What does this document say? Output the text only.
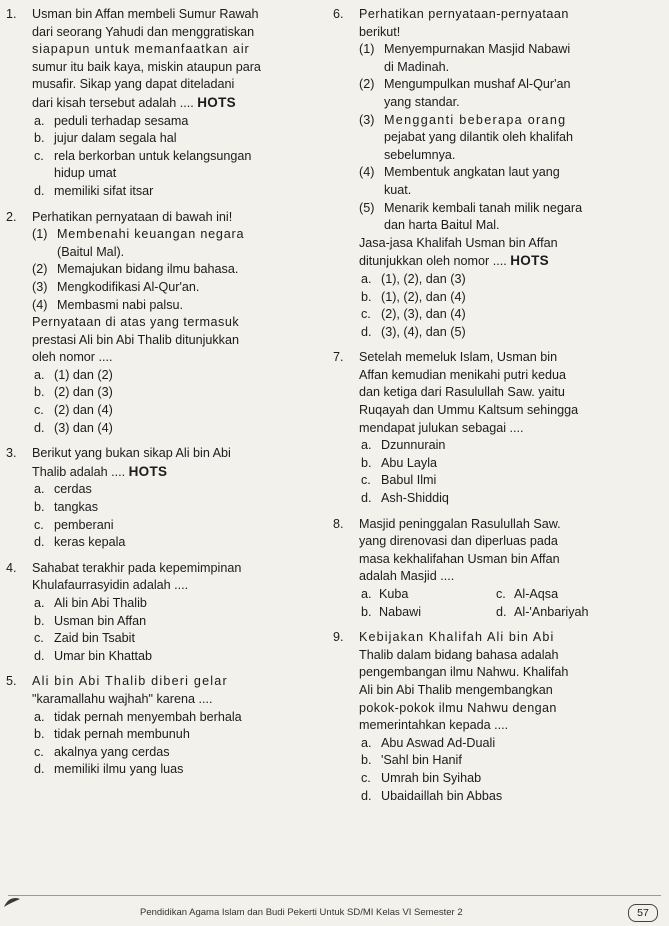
1. Usman bin Affan membeli Sumur Rawah
dari seorang Yahudi dan menggratiskan
siapapun untuk memanfaatkan air
sumur itu baik kaya, miskin ataupun para
musafir. Sikap yang dapat diteladani
dari kisah tersebut adalah .... HOTS
a. peduli terhadap sesama
b. jujur dalam segala hal
c. rela berkorban untuk kelangsungan
hidup umat
d. memiliki sifat itsar
2. Perhatikan pernyataan di bawah ini!
(1) Membenahi keuangan negara
(Baitul Mal).
(2) Memajukan bidang ilmu bahasa.
(3) Mengkodifikasi Al-Qur'an.
(4) Membasmi nabi palsu.
Pernyataan di atas yang termasuk
prestasi Ali bin Abi Thalib ditunjukkan
oleh nomor ....
a. (1) dan (2)
b. (2) dan (3)
c. (2) dan (4)
d. (3) dan (4)
3. Berikut yang bukan sikap Ali bin Abi
Thalib adalah .... HOTS
a. cerdas
b. tangkas
c. pemberani
d. keras kepala
4. Sahabat terakhir pada kepemimpinan
Khulafaurrasyidin adalah ....
a. Ali bin Abi Thalib
b. Usman bin Affan
c. Zaid bin Tsabit
d. Umar bin Khattab
5. Ali bin Abi Thalib diberi gelar
"karamallahu wajhah" karena ....
a. tidak pernah menyembah berhala
b. tidak pernah membunuh
c. akalnya yang cerdas
d. memiliki ilmu yang luas
6. Perhatikan pernyataan-pernyataan
berikut!
(1) Menyempurnakan Masjid Nabawi
di Madinah.
(2) Mengumpulkan mushaf Al-Qur'an
yang standar.
(3) Mengganti beberapa orang
pejabat yang dilantik oleh khalifah
sebelumnya.
(4) Membentuk angkatan laut yang
kuat.
(5) Menarik kembali tanah milik negara
dan harta Baitul Mal.
Jasa-jasa Khalifah Usman bin Affan
ditunjukkan oleh nomor .... HOTS
a. (1), (2), dan (3)
b. (1), (2), dan (4)
c. (2), (3), dan (4)
d. (3), (4), dan (5)
7. Setelah memeluk Islam, Usman bin
Affan kemudian menikahi putri kedua
dan ketiga dari Rasulullah Saw. yaitu
Ruqayah dan Ummu Kaltsum sehingga
mendapat julukan sebagai ....
a. Dzunnurain
b. Abu Layla
c. Babul Ilmi
d. Ash-Shiddiq
8. Masjid peninggalan Rasulullah Saw.
yang direnovasi dan diperluas pada
masa kekhalifahan Usman bin Affan
adalah Masjid ....
a. Kuba	c. Al-Aqsa
b. Nabawi	d. Al-'Anbariyah
9. Kebijakan Khalifah Ali bin Abi
Thalib dalam bidang bahasa adalah
pengembangan ilmu Nahwu. Khalifah
Ali bin Abi Thalib mengembangkan
pokok-pokok ilmu Nahwu dengan
memerintahkan kepada ....
a. Abu Aswad Ad-Duali
b. 'Sahl bin Hanif
c. Umrah bin Syihab
d. Ubaidaillah bin Abbas
Pendidikan Agama Islam dan Budi Pekerti Untuk SD/MI Kelas VI Semester 2	57
